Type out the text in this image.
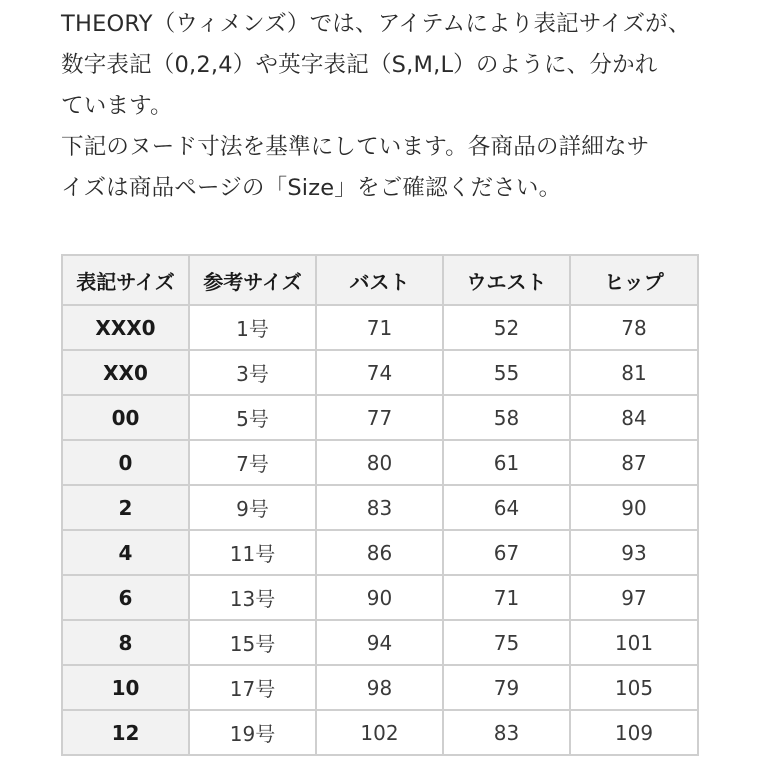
THEORY（ウィメンズ）では、アイテムにより表記サイズが、
数字表記（0,2,4）や英字表記（S,M,L）のように、分かれ
ています。

下記のヌード寸法を基準にしています。各商品の詳細なサ
イズは商品ページの「Size」をご確認ください。

表記サイズ	参考サイズ	バスト	ウエスト	ヒップ
XXX0	1号	71	52	78
XX0	3号	74	55	81
00	5号	77	58	84
0	7号	80	61	87
2	9号	83	64	90
4	11号	86	67	93
6	13号	90	71	97
8	15号	94	75	101
10	17号	98	79	105
12	19号	102	83	109
